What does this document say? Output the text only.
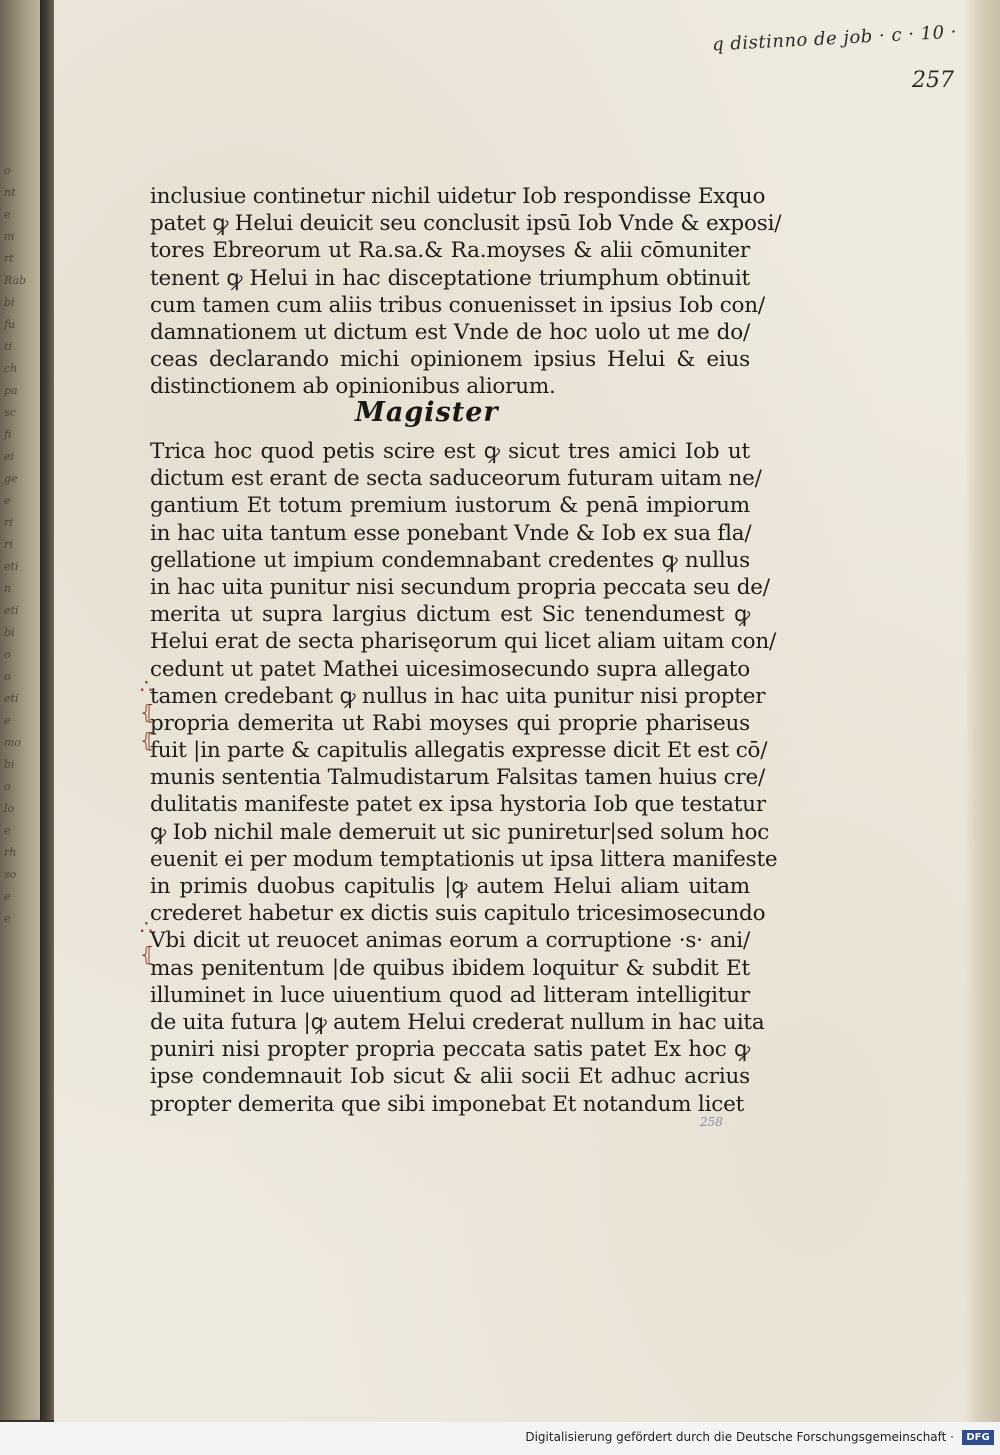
o
nt
e
m
rt
Rab
bi
fu
ti
ch
pa
sc
fi
ei
ge
e
ri
ri
eti
n
eti
bi
o
o
eti
e
mo
bi
o
lo
e
rh
so
e
e
q distinno de job · c · 10 ·
257
inclusiue continetur nichil uidetur Iob respondisse Exquo
patet ꝙ Helui deuicit seu conclusit ipsū Iob Vnde & exposi/
tores Ebreorum ut Ra.sa.& Ra.moyses & alii cōmuniter
tenent ꝙ Helui in hac disceptatione triumphum obtinuit
cum tamen cum aliis tribus conuenisset in ipsius Iob con/
damnationem ut dictum est Vnde de hoc uolo ut me do/
ceas declarando michi opinionem ipsius Helui & eius
distinctionem ab opinionibus aliorum.
Magister
Trica hoc quod petis scire est ꝙ sicut tres amici Iob ut
dictum est erant de secta saduceorum futuram uitam ne/
gantium Et totum premium iustorum & penā impiorum
in hac uita tantum esse ponebant Vnde & Iob ex sua fla/
gellatione ut impium condemnabant credentes ꝙ nullus
in hac uita punitur nisi secundum propria peccata seu de/
merita ut supra largius dictum est Sic tenendumest ꝙ
Helui erat de secta pharisęorum qui licet aliam uitam con/
cedunt ut patet Mathei uicesimosecundo supra allegato
tamen credebant ꝙ nullus in hac uita punitur nisi propter
propria demerita ut Rabi moyses qui proprie phariseus
fuit |in parte & capitulis allegatis expresse dicit Et est cō/
munis sententia Talmudistarum Falsitas tamen huius cre/
dulitatis manifeste patet ex ipsa hystoria Iob que testatur
ꝙ Iob nichil male demeruit ut sic puniretur|sed solum hoc
euenit ei per modum temptationis ut ipsa littera manifeste
in primis duobus capitulis |ꝙ autem Helui aliam uitam
crederet habetur ex dictis suis capitulo tricesimosecundo
Vbi dicit ut reuocet animas eorum a corruptione ·s· ani/
mas penitentum |de quibus ibidem loquitur & subdit Et
illuminet in luce uiuentium quod ad litteram intelligitur
de uita futura |ꝙ autem Helui crederat nullum in hac uita
puniri nisi propter propria peccata satis patet Ex hoc ꝙ
ipse condemnauit Iob sicut & alii socii Et adhuc acrius
propter demerita que sibi imponebat Et notandum licet
∴
⦃
⦃
∴
⦃
258
Digitalisierung gefördert durch die Deutsche Forschungsgemeinschaft ·	DFG
